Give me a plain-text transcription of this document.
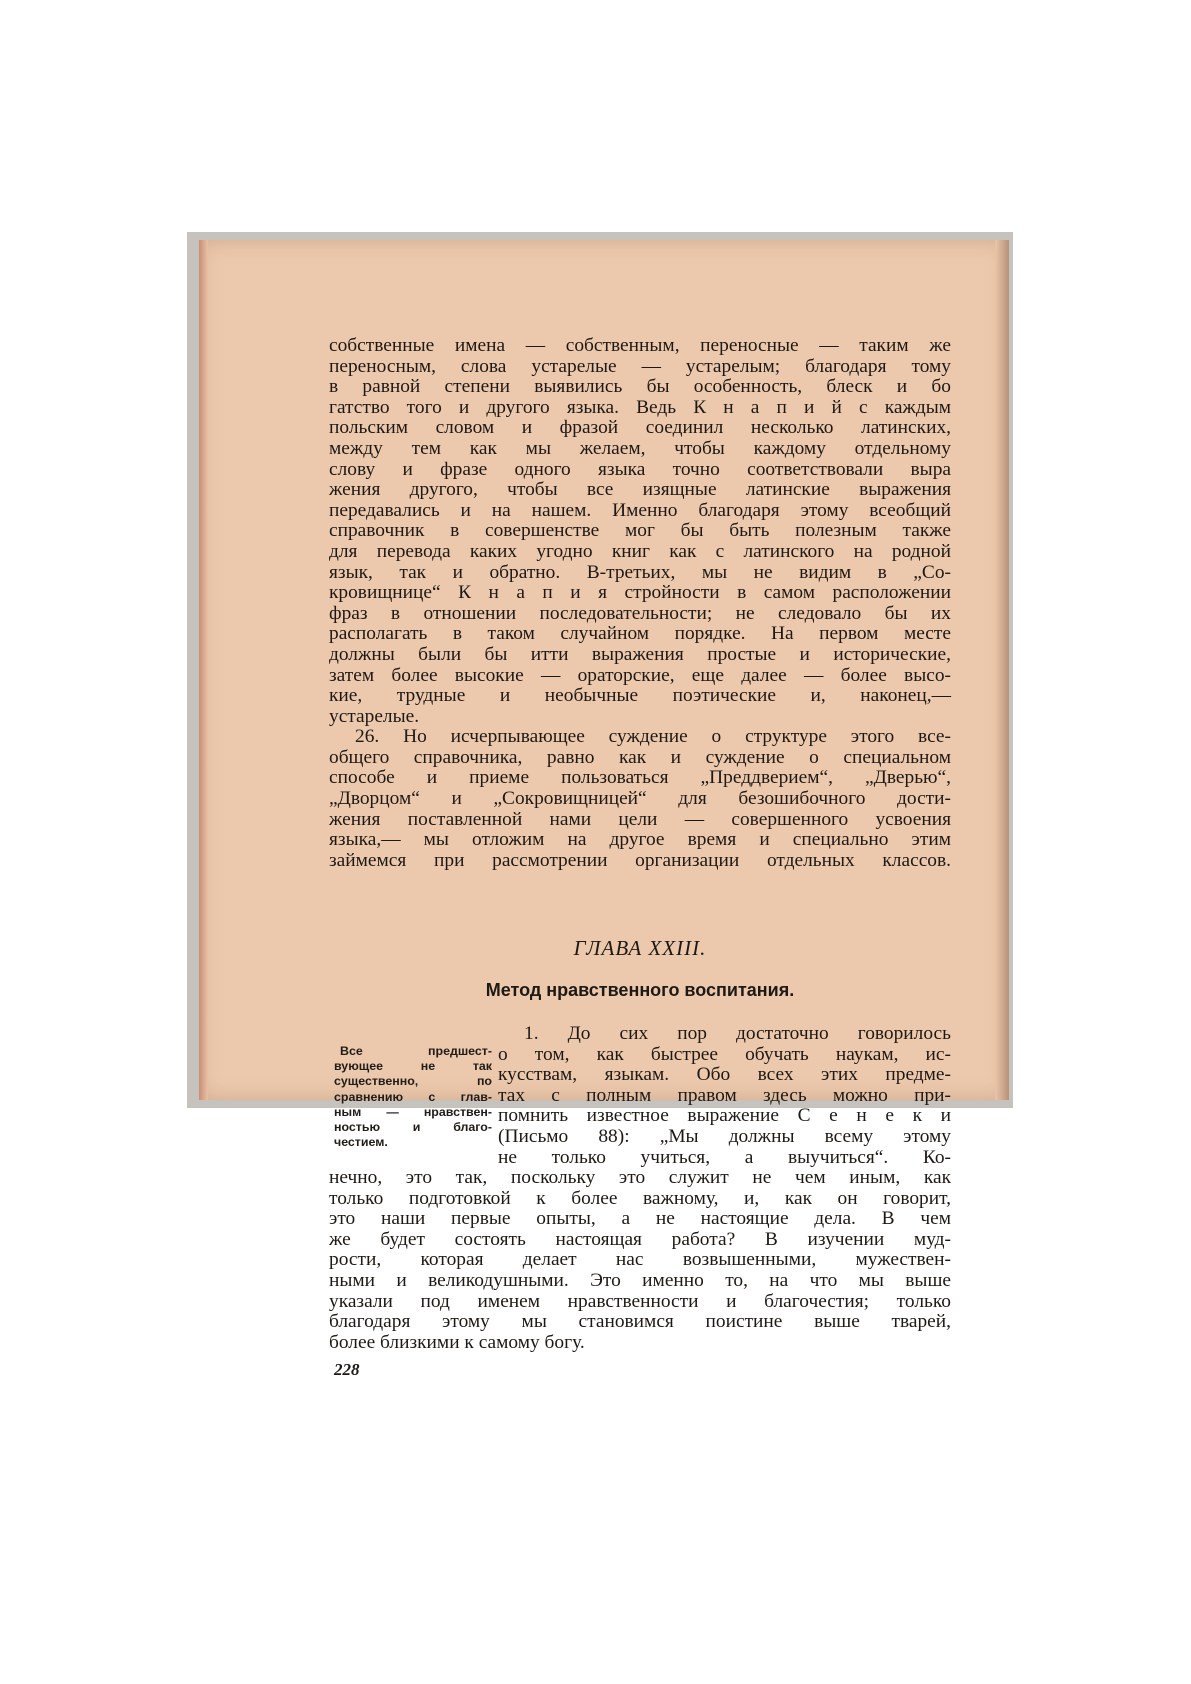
собственные имена — собственным, переносные — таким же
переносным, слова устарелые — устарелым; благодаря тому
в равной степени выявились бы особенность, блеск и бо
гатство того и другого языка. Ведь К н а п и й с каждым
польским словом и фразой соединил несколько латинских,
между тем как мы желаем, чтобы каждому отдельному
слову и фразе одного языка точно соответствовали выра
жения другого, чтобы все изящные латинские выражения
передавались и на нашем. Именно благодаря этому всеобщий
справочник в совершенстве мог бы быть полезным также
для перевода каких угодно книг как с латинского на родной
язык, так и обратно. В-третьих, мы не видим в „Со-
кровищнице“ К н а п и я стройности в самом расположении
фраз в отношении последовательности; не следовало бы их
располагать в таком случайном порядке. На первом месте
должны были бы итти выражения простые и исторические,
затем более высокие — ораторские, еще далее — более высо-
кие, трудные и необычные поэтические и, наконец,—
устарелые.
26. Но исчерпывающее суждение о структуре этого все-
общего справочника, равно как и суждение о специальном
способе и приеме пользоваться „Преддверием“, „Дверью“,
„Дворцом“ и „Сокровищницей“ для безошибочного дости-
жения поставленной нами цели — совершенного усвоения
языка,— мы отложим на другое время и специально этим
займемся при рассмотрении организации отдельных классов.
ГЛАВА XXIII.
Метод нравственного воспитания.
Все предшест-
вующее не так
существенно, по
сравнению с глав-
ным — нравствен-
ностью и благо-
честием.
1. До сих пор достаточно говорилось
о том, как быстрее обучать наукам, ис-
кусствам, языкам. Обо всех этих предме-
тах с полным правом здесь можно при-
помнить известное выражение С е н е к и
(Письмо 88): „Мы должны всему этому
не только учиться, а выучиться“. Ко-
нечно, это так, поскольку это служит не чем иным, как
только подготовкой к более важному, и, как он говорит,
это наши первые опыты, а не настоящие дела. В чем
же будет состоять настоящая работа? В изучении муд-
рости, которая делает нас возвышенными, мужествен-
ными и великодушными. Это именно то, на что мы выше
указали под именем нравственности и благочестия; только
благодаря этому мы становимся поистине выше тварей,
более близкими к самому богу.
228
